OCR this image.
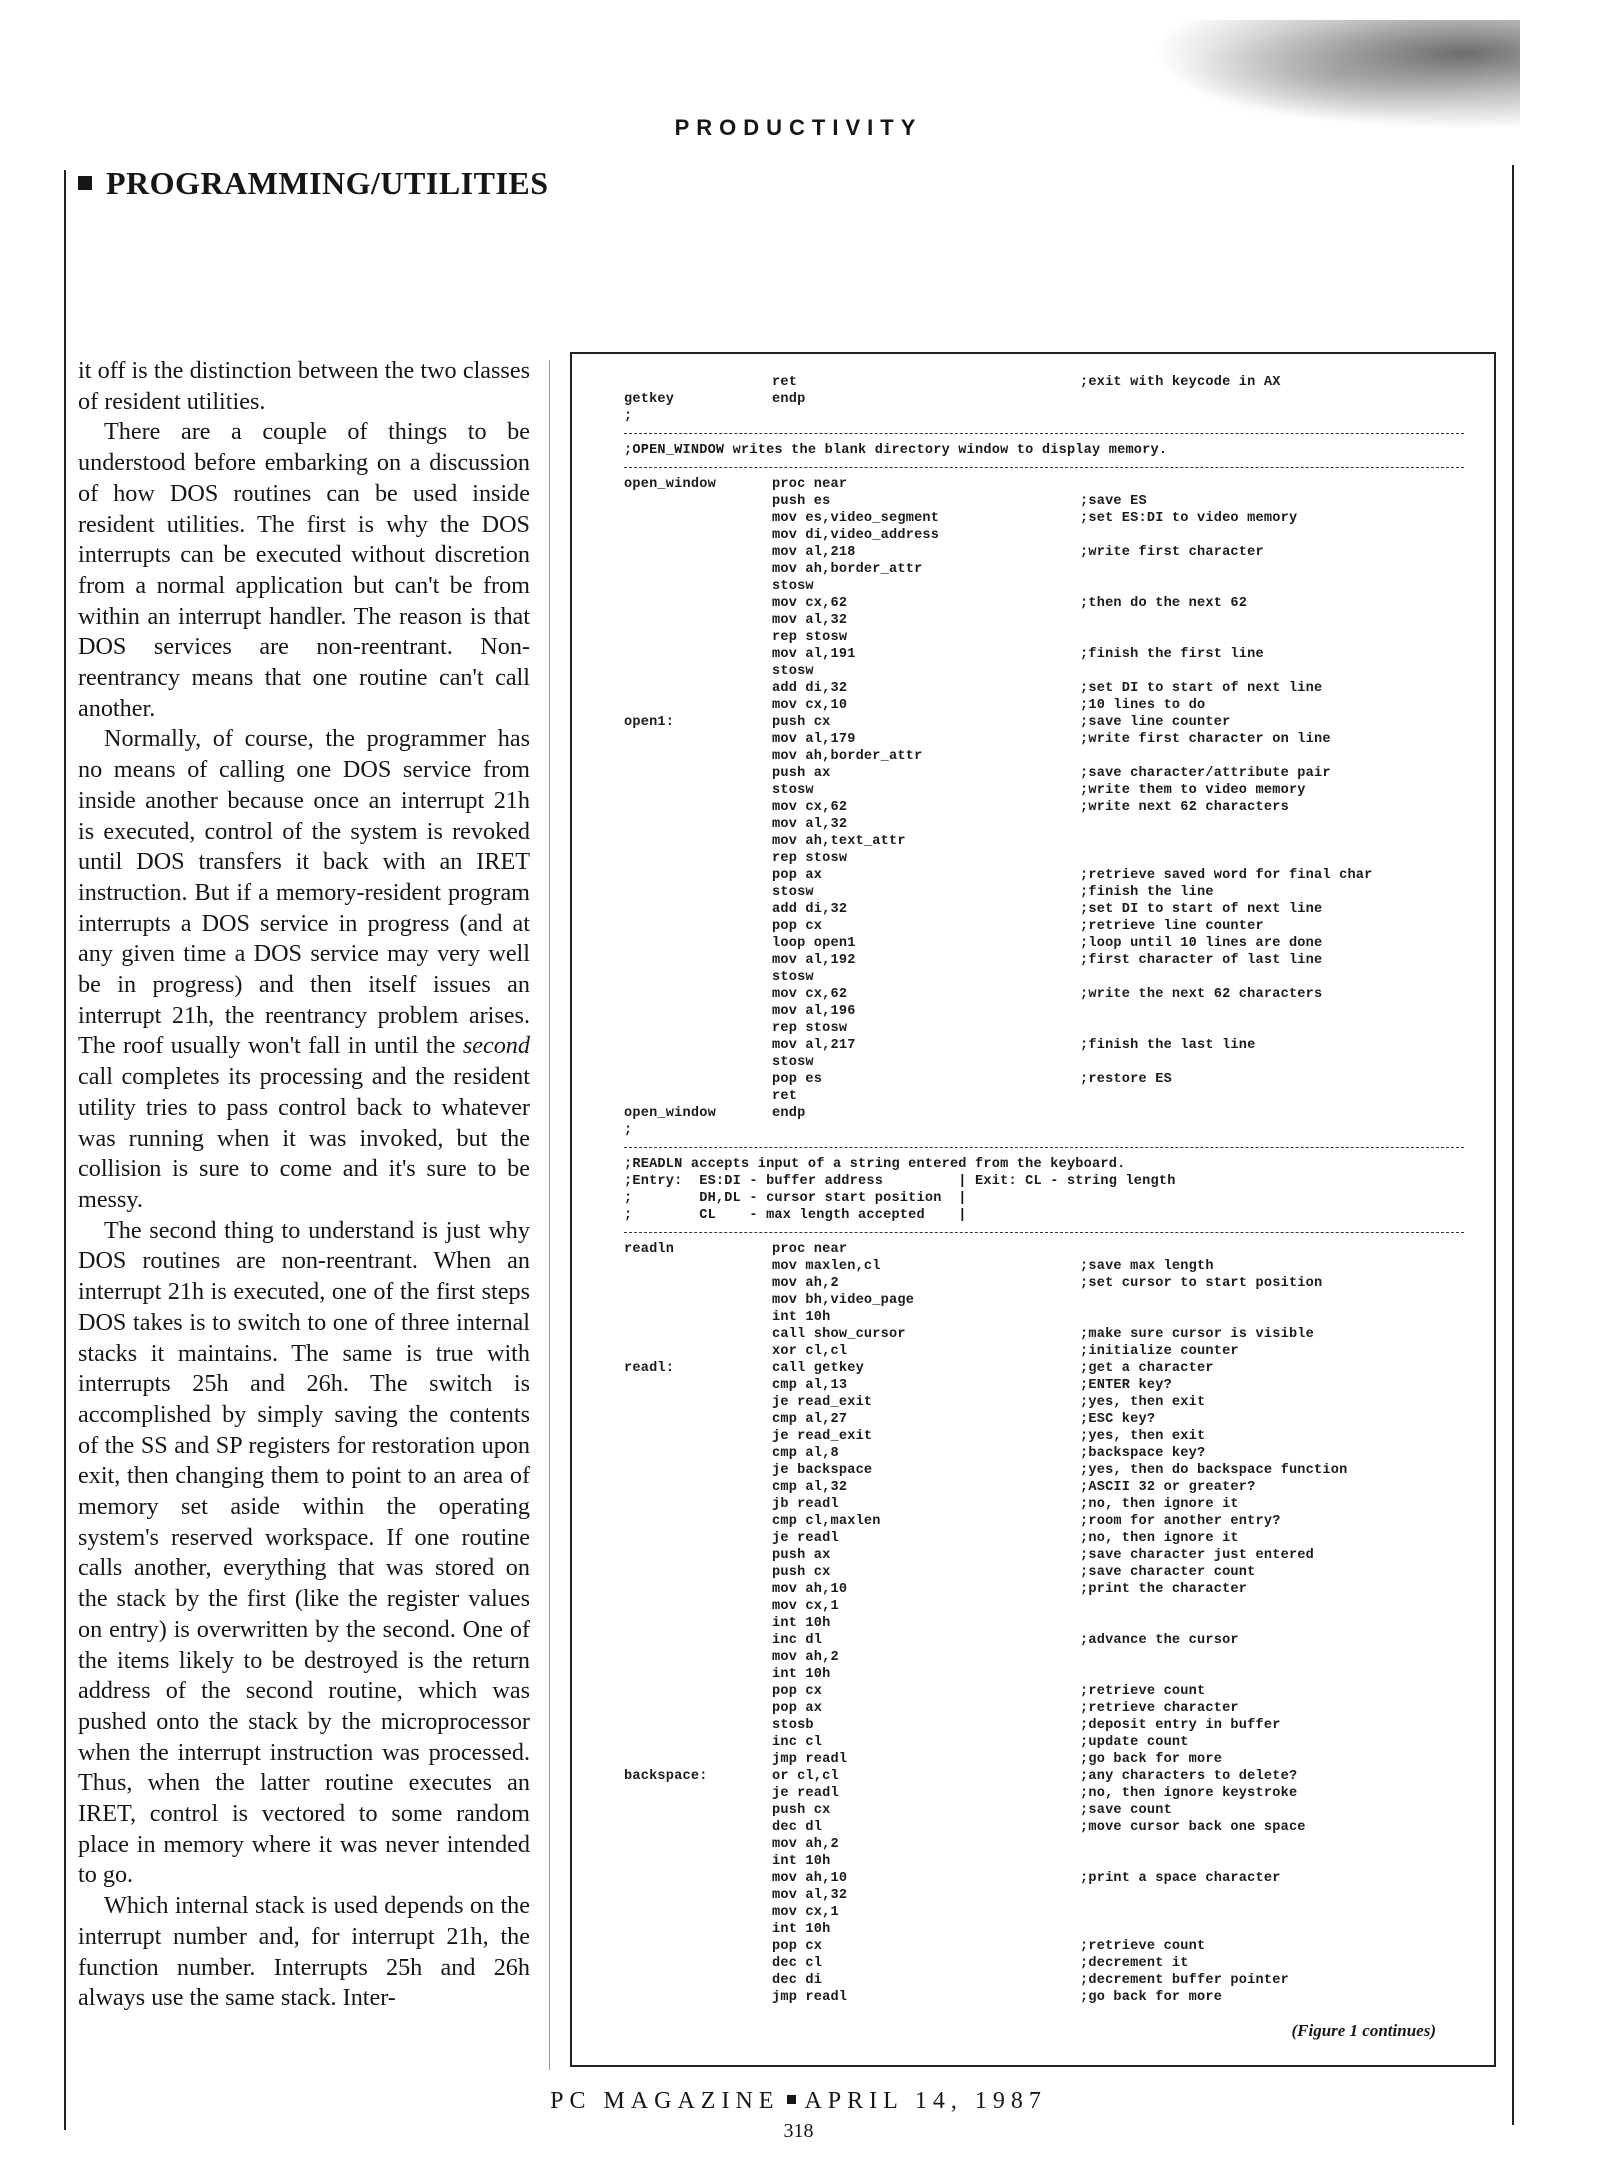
PRODUCTIVITY
PROGRAMMING/UTILITIES

it off is the distinction between the two classes of resident utilities.

There are a couple of things to be understood before embarking on a discussion of how DOS routines can be used inside resident utilities. The first is why the DOS interrupts can be executed without discretion from a normal application but can't be from within an interrupt handler. The reason is that DOS services are non-reentrant. Non-reentrancy means that one routine can't call another.

Normally, of course, the programmer has no means of calling one DOS service from inside another because once an interrupt 21h is executed, control of the system is revoked until DOS transfers it back with an IRET instruction. But if a memory-resident program interrupts a DOS service in progress (and at any given time a DOS service may very well be in progress) and then itself issues an interrupt 21h, the reentrancy problem arises. The roof usually won't fall in until the second call completes its processing and the resident utility tries to pass control back to whatever was running when it was invoked, but the collision is sure to come and it's sure to be messy.

The second thing to understand is just why DOS routines are non-reentrant. When an interrupt 21h is executed, one of the first steps DOS takes is to switch to one of three internal stacks it maintains. The same is true with interrupts 25h and 26h. The switch is accomplished by simply saving the contents of the SS and SP registers for restoration upon exit, then changing them to point to an area of memory set aside within the operating system's reserved workspace. If one routine calls another, everything that was stored on the stack by the first (like the register values on entry) is overwritten by the second. One of the items likely to be destroyed is the return address of the second routine, which was pushed onto the stack by the microprocessor when the interrupt instruction was processed. Thus, when the latter routine executes an IRET, control is vectored to some random place in memory where it was never intended to go.

Which internal stack is used depends on the interrupt number and, for interrupt 21h, the function number. Interrupts 25h and 26h always use the same stack. Inter-

ret	;exit with keycode in AX
getkey	endp
;
;OPEN_WINDOW writes the blank directory window to display memory.
open_window	proc near
push es	;save ES
mov es,video_segment	;set ES:DI to video memory
mov di,video_address
mov al,218	;write first character
mov ah,border_attr
stosw
mov cx,62	;then do the next 62
mov al,32
rep stosw
mov al,191	;finish the first line
stosw
add di,32	;set DI to start of next line
mov cx,10	;10 lines to do
open1:	push cx	;save line counter
mov al,179	;write first character on line
mov ah,border_attr
push ax	;save character/attribute pair
stosw	;write them to video memory
mov cx,62	;write next 62 characters
mov al,32
mov ah,text_attr
rep stosw
pop ax	;retrieve saved word for final char
stosw	;finish the line
add di,32	;set DI to start of next line
pop cx	;retrieve line counter
loop open1	;loop until 10 lines are done
mov al,192	;first character of last line
stosw
mov cx,62	;write the next 62 characters
mov al,196
rep stosw
mov al,217	;finish the last line
stosw
pop es	;restore ES
ret
open_window	endp
;
;READLN accepts input of a string entered from the keyboard.
;Entry:  ES:DI - buffer address         | Exit: CL - string length
;        DH,DL - cursor start position  |
;        CL    - max length accepted    |
readln	proc near
mov maxlen,cl	;save max length
mov ah,2	;set cursor to start position
mov bh,video_page
int 10h
call show_cursor	;make sure cursor is visible
xor cl,cl	;initialize counter
readl:	call getkey	;get a character
cmp al,13	;ENTER key?
je read_exit	;yes, then exit
cmp al,27	;ESC key?
je read_exit	;yes, then exit
cmp al,8	;backspace key?
je backspace	;yes, then do backspace function
cmp al,32	;ASCII 32 or greater?
jb readl	;no, then ignore it
cmp cl,maxlen	;room for another entry?
je readl	;no, then ignore it
push ax	;save character just entered
push cx	;save character count
mov ah,10	;print the character
mov cx,1
int 10h
inc dl	;advance the cursor
mov ah,2
int 10h
pop cx	;retrieve count
pop ax	;retrieve character
stosb	;deposit entry in buffer
inc cl	;update count
jmp readl	;go back for more
backspace:	or cl,cl	;any characters to delete?
je readl	;no, then ignore keystroke
push cx	;save count
dec dl	;move cursor back one space
mov ah,2
int 10h
mov ah,10	;print a space character
mov al,32
mov cx,1
int 10h
pop cx	;retrieve count
dec cl	;decrement it
dec di	;decrement buffer pointer
jmp readl	;go back for more
(Figure 1 continues)
PC MAGAZINE APRIL 14, 1987
318
